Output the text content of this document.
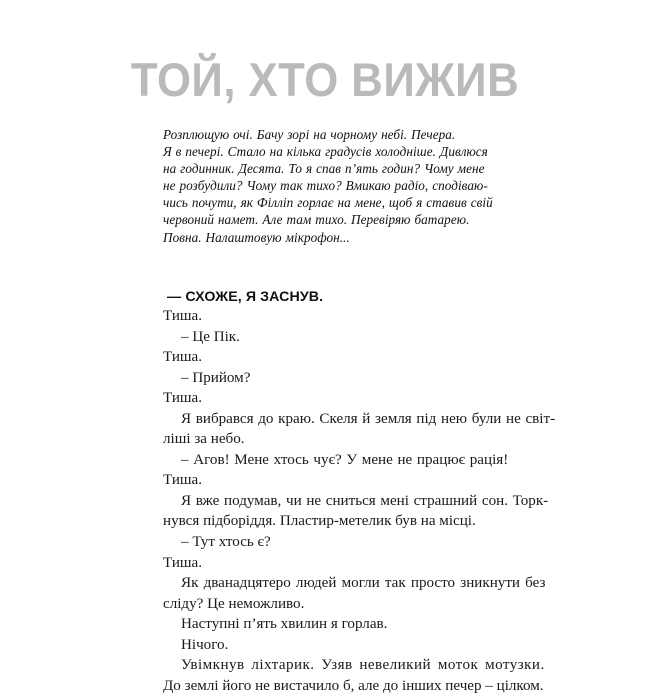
ТОЙ, ХТО ВИЖИВ

Розплющую очі. Бачу зорі на чорному небі. Печера.
Я в печері. Стало на кілька градусів холодніше. Дивлюся
на годинник. Десята. То я спав п’ять годин? Чому мене
не розбудили? Чому так тихо? Вмикаю радіо, сподіваю-
чись почути, як Філліп горлає на мене, щоб я ставив свій
червоний намет. Але там тихо. Перевіряю батарею.
Повна. Налаштовую мікрофон...

— СХОЖЕ, Я ЗАСНУВ.
Тиша.
– Це Пік.
Тиша.
– Прийом?
Тиша.
Я вибрався до краю. Скеля й земля під нею були не світ-
ліші за небо.
– Агов! Мене хтось чує? У мене не працює рація!
Тиша.
Я вже подумав, чи не сниться мені страшний сон. Торк-
нувся підборіддя. Пластир-метелик був на місці.
– Тут хтось є?
Тиша.
Як дванадцятеро людей могли так просто зникнути без
сліду? Це неможливо.
Наступні п’ять хвилин я горлав.
Нічого.
Увімкнув ліхтарик. Узяв невеликий моток мотузки.
До землі його не вистачило б, але до інших печер – цілком.
